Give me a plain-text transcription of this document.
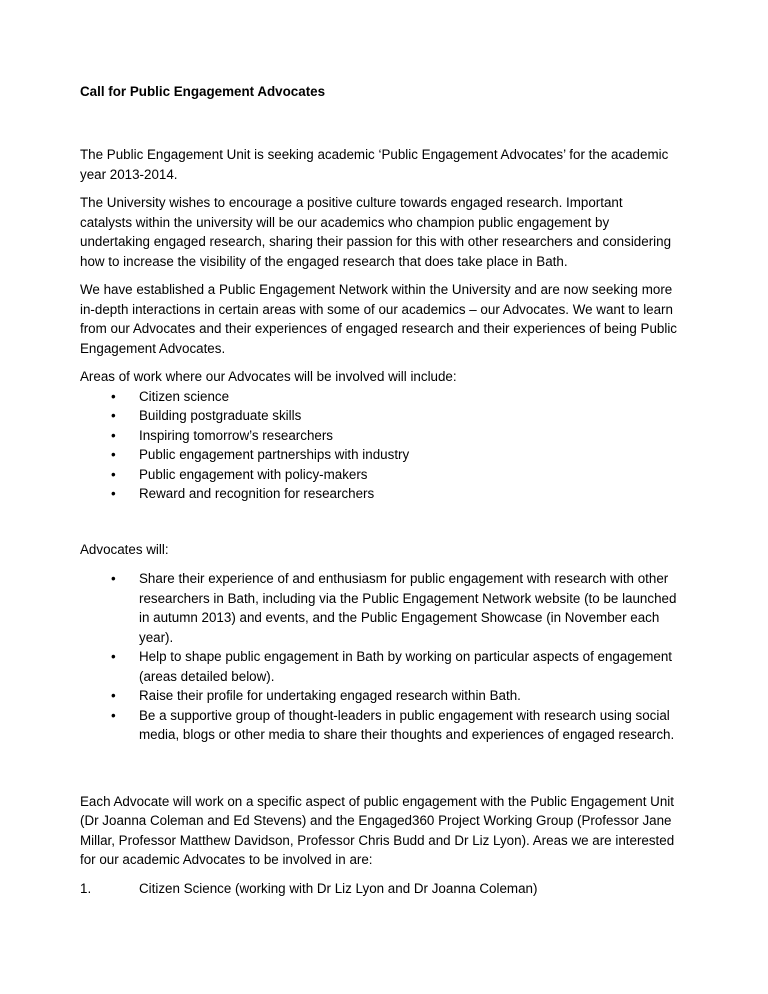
Call for Public Engagement Advocates

The Public Engagement Unit is seeking academic ‘Public Engagement Advocates’ for the academic year 2013-2014.

The University wishes to encourage a positive culture towards engaged research. Important catalysts within the university will be our academics who champion public engagement by undertaking engaged research, sharing their passion for this with other researchers and considering how to increase the visibility of the engaged research that does take place in Bath.

We have established a Public Engagement Network within the University and are now seeking more in-depth interactions in certain areas with some of our academics – our Advocates. We want to learn from our Advocates and their experiences of engaged research and their experiences of being Public Engagement Advocates.

Areas of work where our Advocates will be involved will include:

• Citizen science
• Building postgraduate skills
• Inspiring tomorrow’s researchers
• Public engagement partnerships with industry
• Public engagement with policy-makers
• Reward and recognition for researchers

Advocates will:

• Share their experience of and enthusiasm for public engagement with research with other researchers in Bath, including via the Public Engagement Network website (to be launched in autumn 2013) and events, and the Public Engagement Showcase (in November each year).
• Help to shape public engagement in Bath by working on particular aspects of engagement (areas detailed below).
• Raise their profile for undertaking engaged research within Bath.
• Be a supportive group of thought-leaders in public engagement with research using social media, blogs or other media to share their thoughts and experiences of engaged research.

Each Advocate will work on a specific aspect of public engagement with the Public Engagement Unit (Dr Joanna Coleman and Ed Stevens) and the Engaged360 Project Working Group (Professor Jane Millar, Professor Matthew Davidson, Professor Chris Budd and Dr Liz Lyon). Areas we are interested for our academic Advocates to be involved in are:

1.	Citizen Science (working with Dr Liz Lyon and Dr Joanna Coleman)
